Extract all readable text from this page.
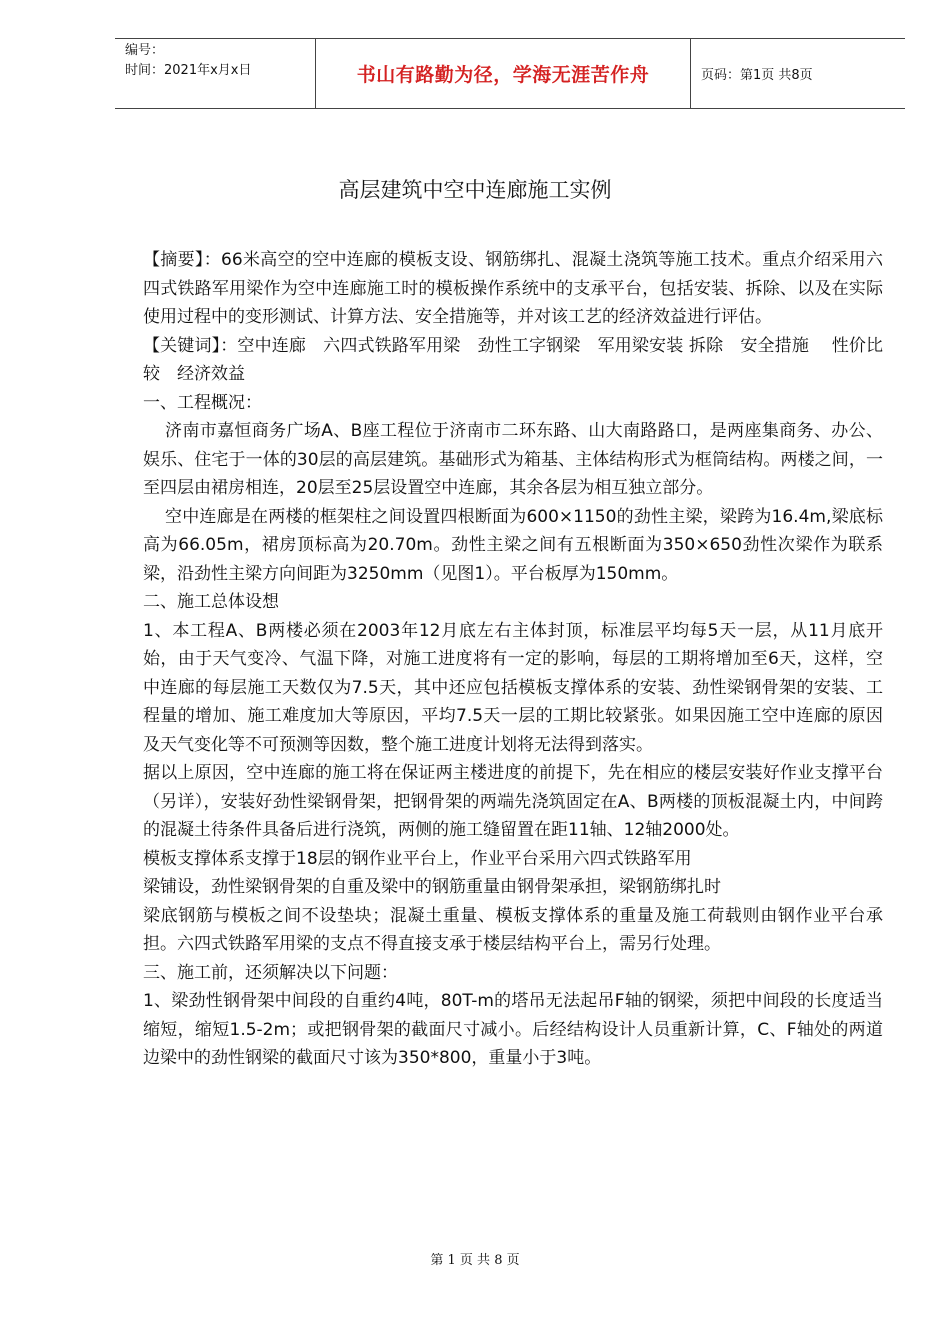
编号：
时间：2021年x月x日	书山有路勤为径，学海无涯苦作舟	页码：第1页 共8页
高层建筑中空中连廊施工实例

【摘要】：66米高空的空中连廊的模板支设、钢筋绑扎、混凝土浇筑等施工技术。重点介绍采用六四式铁路军用梁作为空中连廊施工时的模板操作系统中的支承平台，包括安装、拆除、以及在实际使用过程中的变形测试、计算方法、安全措施等，并对该工艺的经济效益进行评估。

【关键词】：空中连廊　六四式铁路军用梁　劲性工字钢梁　军用梁安装 拆除　安全措施　 性价比较　经济效益

一、工程概况：

济南市嘉恒商务广场A、B座工程位于济南市二环东路、山大南路路口，是两座集商务、办公、娱乐、住宅于一体的30层的高层建筑。基础形式为箱基、主体结构形式为框筒结构。两楼之间，一至四层由裙房相连，20层至25层设置空中连廊，其余各层为相互独立部分。

空中连廊是在两楼的框架柱之间设置四根断面为600×1150的劲性主梁，梁跨为16.4m,梁底标高为66.05m，裙房顶标高为20.70m。劲性主梁之间有五根断面为350×650劲性次梁作为联系梁，沿劲性主梁方向间距为3250mm（见图1）。平台板厚为150mm。

二、施工总体设想

1、本工程A、B两楼必须在2003年12月底左右主体封顶，标准层平均每5天一层，从11月底开始，由于天气变冷、气温下降，对施工进度将有一定的影响，每层的工期将增加至6天，这样，空中连廊的每层施工天数仅为7.5天，其中还应包括模板支撑体系的安装、劲性梁钢骨架的安装、工程量的增加、施工难度加大等原因，平均7.5天一层的工期比较紧张。如果因施工空中连廊的原因及天气变化等不可预测等因数，整个施工进度计划将无法得到落实。

据以上原因，空中连廊的施工将在保证两主楼进度的前提下，先在相应的楼层安装好作业支撑平台（另详），安装好劲性梁钢骨架，把钢骨架的两端先浇筑固定在A、B两楼的顶板混凝土内，中间跨的混凝土待条件具备后进行浇筑，两侧的施工缝留置在距11轴、12轴2000处。

模板支撑体系支撑于18层的钢作业平台上，作业平台采用六四式铁路军用

梁铺设，劲性梁钢骨架的自重及梁中的钢筋重量由钢骨架承担，梁钢筋绑扎时

梁底钢筋与模板之间不设垫块；混凝土重量、模板支撑体系的重量及施工荷载则由钢作业平台承担。六四式铁路军用梁的支点不得直接支承于楼层结构平台上，需另行处理。

三、施工前，还须解决以下问题：

1、梁劲性钢骨架中间段的自重约4吨，80T-m的塔吊无法起吊F轴的钢梁，须把中间段的长度适当缩短，缩短1.5-2m；或把钢骨架的截面尺寸减小。后经结构设计人员重新计算，C、F轴处的两道边梁中的劲性钢梁的截面尺寸该为350*800，重量小于3吨。

第 1 页 共 8 页
